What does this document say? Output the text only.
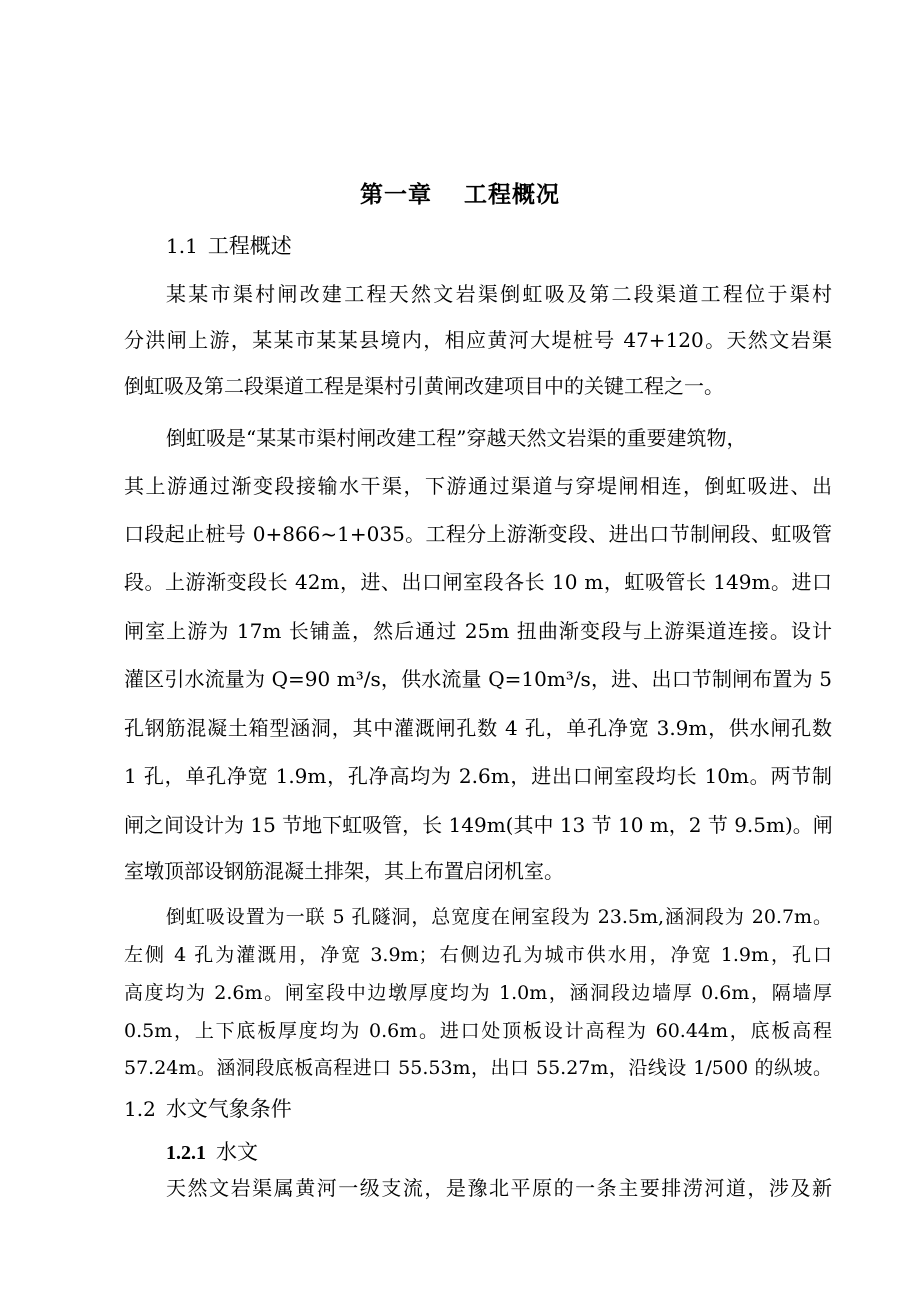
第一章 工程概况
1.1 工程概述
某某市渠村闸改建工程天然文岩渠倒虹吸及第二段渠道工程位于渠村
分洪闸上游，某某市某某县境内，相应黄河大堤桩号 47+120。天然文岩渠
倒虹吸及第二段渠道工程是渠村引黄闸改建项目中的关键工程之一。
倒虹吸是“某某市渠村闸改建工程”穿越天然文岩渠的重要建筑物，
其上游通过渐变段接输水干渠，下游通过渠道与穿堤闸相连，倒虹吸进、出
口段起止桩号 0+866~1+035。工程分上游渐变段、进出口节制闸段、虹吸管
段。上游渐变段长 42m，进、出口闸室段各长 10 m，虹吸管长 149m。进口
闸室上游为 17m 长铺盖，然后通过 25m 扭曲渐变段与上游渠道连接。设计
灌区引水流量为 Q=90 m³/s，供水流量 Q=10m³/s，进、出口节制闸布置为 5
孔钢筋混凝土箱型涵洞，其中灌溉闸孔数 4 孔，单孔净宽 3.9m，供水闸孔数
1 孔，单孔净宽 1.9m，孔净高均为 2.6m，进出口闸室段均长 10m。两节制
闸之间设计为 15 节地下虹吸管，长 149m(其中 13 节 10 m，2 节 9.5m)。闸
室墩顶部设钢筋混凝土排架，其上布置启闭机室。
倒虹吸设置为一联 5 孔隧洞，总宽度在闸室段为 23.5m,涵洞段为 20.7m。
左侧 4 孔为灌溉用，净宽 3.9m；右侧边孔为城市供水用，净宽 1.9m，孔口
高度均为 2.6m。闸室段中边墩厚度均为 1.0m，涵洞段边墙厚 0.6m，隔墙厚
0.5m，上下底板厚度均为 0.6m。进口处顶板设计高程为 60.44m，底板高程
57.24m。涵洞段底板高程进口 55.53m，出口 55.27m，沿线设 1/500 的纵坡。
1.2 水文气象条件
1.2.1 水文
天然文岩渠属黄河一级支流，是豫北平原的一条主要排涝河道，涉及新
